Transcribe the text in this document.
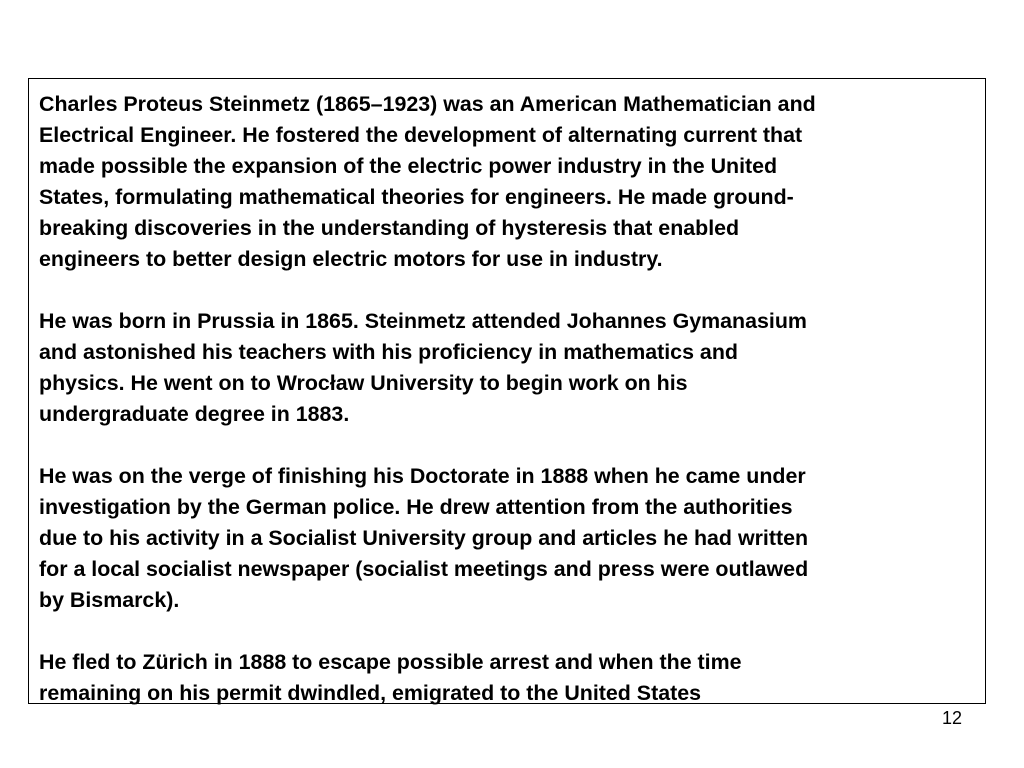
Charles Proteus Steinmetz (1865–1923) was an American Mathematician and
Electrical Engineer. He fostered the development of alternating current that
made possible the expansion of the electric power industry in the United
States, formulating mathematical theories for engineers. He made ground-
breaking discoveries in the understanding of hysteresis that enabled
engineers to better design electric motors for use in industry.

He was born in Prussia in 1865. Steinmetz attended Johannes Gymanasium
and astonished his teachers with his proficiency in mathematics and
physics. He went on to Wrocław University to begin work on his
undergraduate degree in 1883.

He was on the verge of finishing his Doctorate in 1888 when he came under
investigation by the German police. He drew attention from the authorities
due to his activity in a Socialist University group and articles he had written
for a local socialist newspaper (socialist meetings and press were outlawed
by Bismarck).

He fled to Zürich in 1888 to escape possible arrest and when the time
remaining on his permit dwindled, emigrated to the United States

12
